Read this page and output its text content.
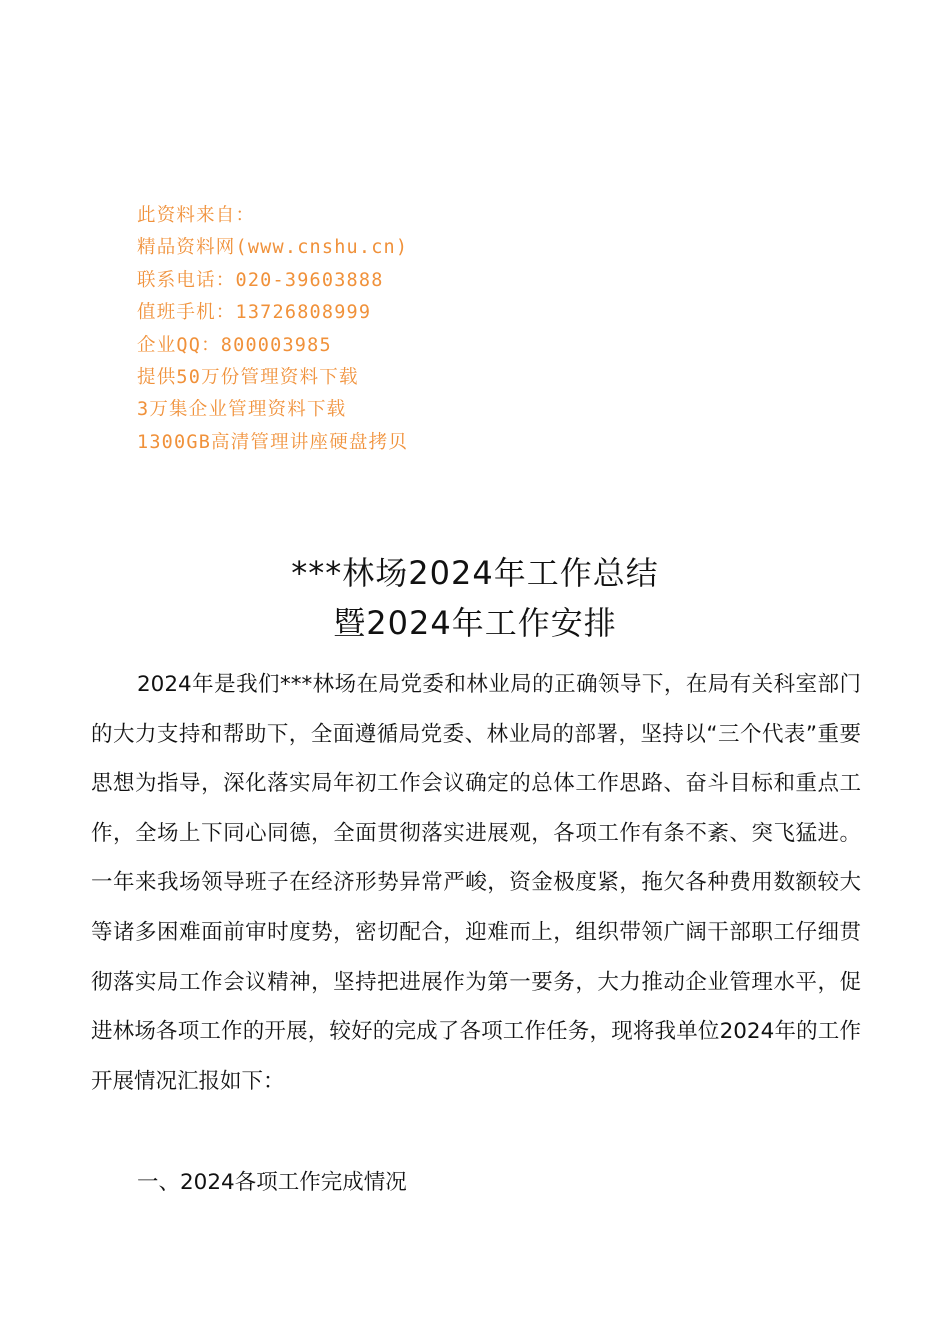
此资料来自：
精品资料网(www.cnshu.cn)
联系电话：020-39603888
值班手机：13726808999
企业QQ：800003985
提供50万份管理资料下载
3万集企业管理资料下载
1300GB高清管理讲座硬盘拷贝
***林场2024年工作总结
暨2024年工作安排

2024年是我们***林场在局党委和林业局的正确领导下，在局有关科室部门的大力支持和帮助下，全面遵循局党委、林业局的部署，坚持以“三个代表”重要思想为指导，深化落实局年初工作会议确定的总体工作思路、奋斗目标和重点工作，全场上下同心同德，全面贯彻落实进展观，各项工作有条不紊、突飞猛进。一年来我场领导班子在经济形势异常严峻，资金极度紧，拖欠各种费用数额较大等诸多困难面前审时度势，密切配合，迎难而上，组织带领广阔干部职工仔细贯彻落实局工作会议精神，坚持把进展作为第一要务，大力推动企业管理水平，促进林场各项工作的开展，较好的完成了各项工作任务，现将我单位2024年的工作开展情况汇报如下：

一、2024各项工作完成情况
